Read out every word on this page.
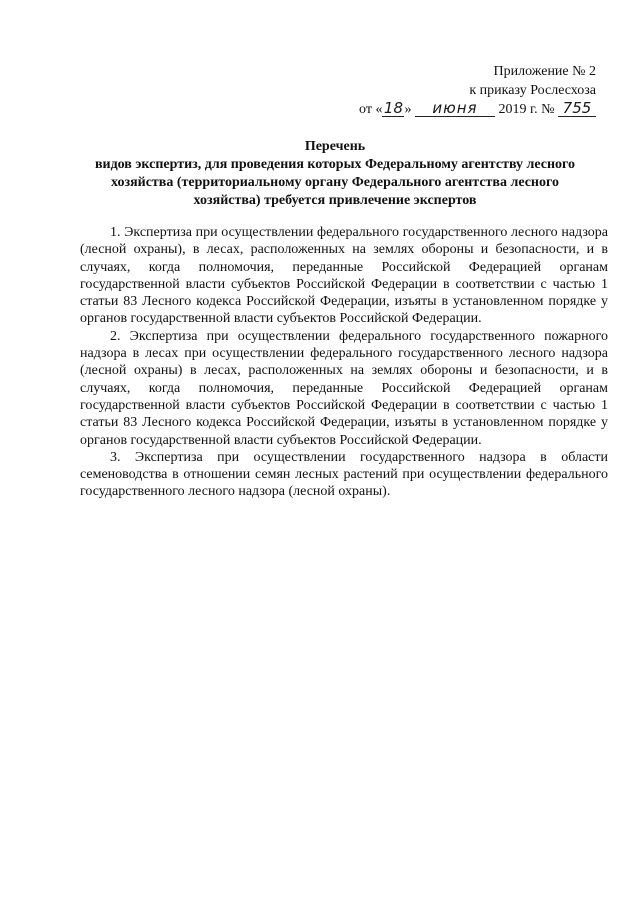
Приложение № 2
к приказу Рослесхоза
от «18» июня 2019 г. № 755
Перечень
видов экспертиз, для проведения которых Федеральному агентству лесного
хозяйства (территориальному органу Федерального агентства лесного
хозяйства) требуется привлечение экспертов

1. Экспертиза при осуществлении федерального государственного лесного надзора (лесной охраны), в лесах, расположенных на землях обороны и безопасности, и в случаях, когда полномочия, переданные Российской Федерацией органам государственной власти субъектов Российской Федерации в соответствии с частью 1 статьи 83 Лесного кодекса Российской Федерации, изъяты в установленном порядке у органов государственной власти субъектов Российской Федерации.

2. Экспертиза при осуществлении федерального государственного пожарного надзора в лесах при осуществлении федерального государственного лесного надзора (лесной охраны) в лесах, расположенных на землях обороны и безопасности, и в случаях, когда полномочия, переданные Российской Федерацией органам государственной власти субъектов Российской Федерации в соответствии с частью 1 статьи 83 Лесного кодекса Российской Федерации, изъяты в установленном порядке у органов государственной власти субъектов Российской Федерации.

3. Экспертиза при осуществлении государственного надзора в области семеноводства в отношении семян лесных растений при осуществлении федерального государственного лесного надзора (лесной охраны).
